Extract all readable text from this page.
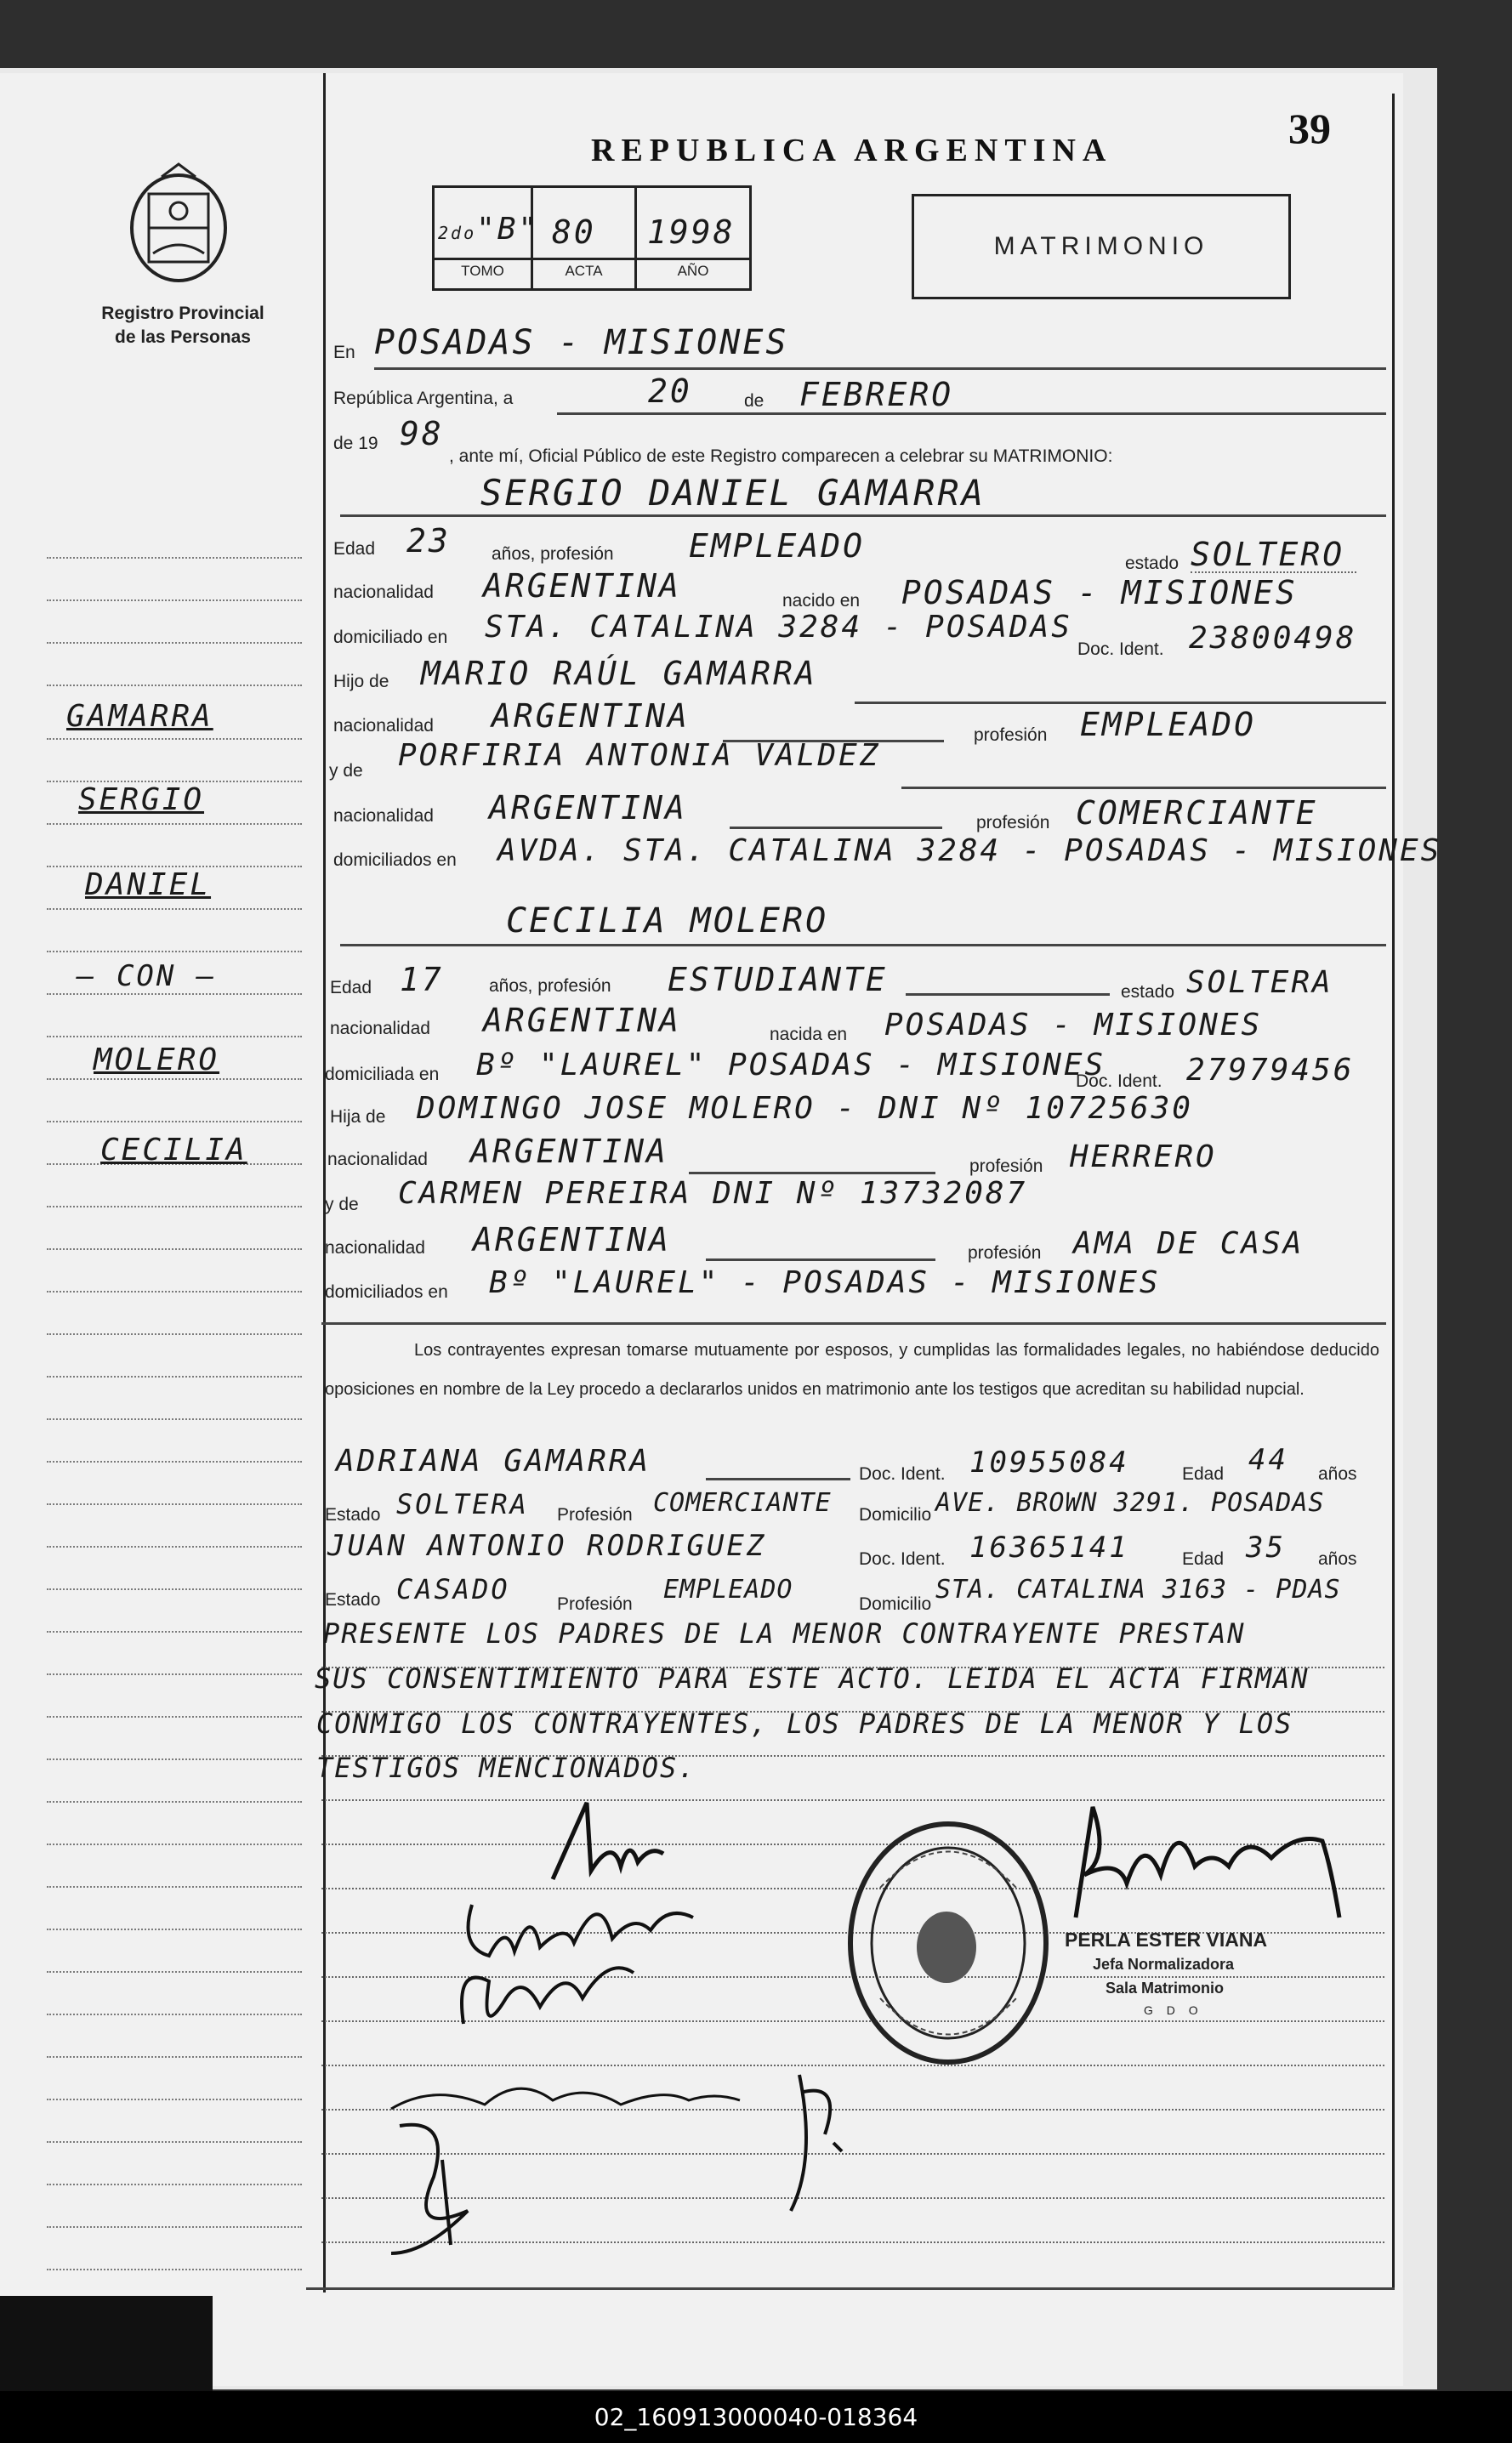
Registro Provincial
de las Personas
REPUBLICA ARGENTINA	39
2do"B" 80 1998
TOMO	ACTA	AÑO
MATRIMONIO
En POSADAS - MISIONES
República Argentina, a	20	de FEBRERO
de 19 98
, ante mí, Oficial Público de este Registro comparecen a celebrar su MATRIMONIO:
SERGIO DANIEL GAMARRA
Edad 23 años, profesión EMPLEADO	estado SOLTERO
nacionalidad ARGENTINA	nacido en POSADAS - MISIONES
domiciliado en STA. CATALINA 3284 - POSADAS
Doc. Ident. 23800498
Hijo de MARIO RAÚL GAMARRA
nacionalidad ARGENTINA
profesión EMPLEADO
y de PORFIRIA ANTONIA VALDEZ
nacionalidad ARGENTINA	profesión COMERCIANTE
domiciliados en AVDA. STA. CATALINA 3284 - POSADAS - MISIONES
CECILIA MOLERO
Edad 17	años, profesión ESTUDIANTE	estado SOLTERA
nacionalidad ARGENTINA	nacida en POSADAS - MISIONES
domiciliada en Bº "LAUREL" POSADAS - MISIONES
Doc. Ident. 27979456
Hija de DOMINGO JOSE MOLERO - DNI Nº 10725630
nacionalidad ARGENTINA	profesión HERRERO
y de CARMEN PEREIRA DNI Nº 13732087
nacionalidad ARGENTINA	profesión AMA DE CASA
domiciliados en Bº "LAUREL" - POSADAS - MISIONES
Los contrayentes expresan tomarse mutuamente por esposos, y cumplidas las formalidades legales, no habiéndose deducido oposiciones en nombre de la Ley procedo a declararlos unidos en matrimonio ante los testigos que acreditan su habilidad nupcial.
ADRIANA GAMARRA	Doc. Ident. 10955084	Edad 44 años
Estado SOLTERA Profesión COMERCIANTE Domicilio AVE. BROWN 3291. POSADAS
JUAN ANTONIO RODRIGUEZ	Doc. Ident. 16365141	Edad 35 años
Estado CASADO	Profesión EMPLEADO	Domicilio STA. CATALINA 3163 - PDAS
PRESENTE LOS PADRES DE LA MENOR CONTRAYENTE PRESTAN
SUS CONSENTIMIENTO PARA ESTE ACTO. LEIDA EL ACTA FIRMAN
CONMIGO LOS CONTRAYENTES, LOS PADRES DE LA MENOR Y LOS
TESTIGOS MENCIONADOS.
PERLA ESTER VIANA
Jefa Normalizadora
Sala Matrimonio
G D O
GAMARRA
SERGIO
DANIEL
— CON —
MOLERO
CECILIA
02_160913000040-018364
